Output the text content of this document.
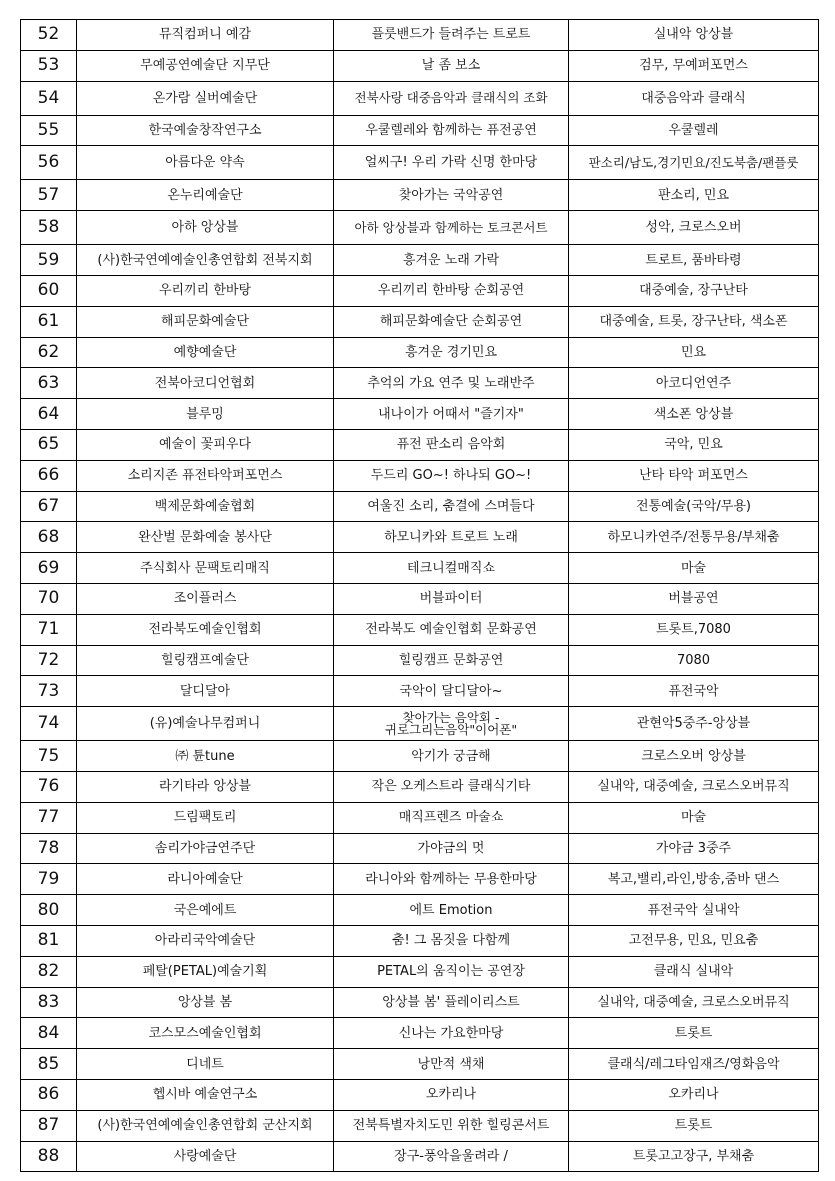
52	뮤직컴퍼니 예감	플룻밴드가 들려주는 트로트	실내악 앙상블
53	무예공연예술단 지무단	날 좀 보소	검무, 무예퍼포먼스
54	온가람 실버예술단	전북사랑 대중음악과 클래식의 조화	대중음악과 클래식
55	한국예술창작연구소	우쿨렐레와 함께하는 퓨전공연	우쿨렐레
56	아름다운 약속	얼씨구! 우리 가락 신명 한마당	판소리/남도,경기민요/진도북춤/팬플룻
57	온누리예술단	찾아가는 국악공연	판소리, 민요
58	아하 앙상블	아하 앙상블과 함께하는 토크콘서트	성악, 크로스오버
59	(사)한국연예예술인총연합회 전북지회	흥겨운 노래 가락	트로트, 품바타령
60	우리끼리 한바탕	우리끼리 한바탕 순회공연	대중예술, 장구난타
61	해피문화예술단	해피문화예술단 순회공연	대중예술, 트롯, 장구난타, 색소폰
62	예향예술단	흥겨운 경기민요	민요
63	전북아코디언협회	추억의 가요 연주 및 노래반주	아코디언연주
64	블루밍	내나이가 어때서 "즐기자"	색소폰 앙상블
65	예술이 꽃피우다	퓨전 판소리 음악회	국악, 민요
66	소리지존 퓨전타악퍼포먼스	두드리 GO~! 하나되 GO~!	난타 타악 퍼포먼스
67	백제문화예술협회	여울진 소리, 춤결에 스며들다	전통예술(국악/무용)
68	완산벌 문화예술 봉사단	하모니카와 트로트 노래	하모니카연주/전통무용/부채춤
69	주식회사 문팩토리매직	테크니컬매직쇼	마술
70	조이플러스	버블파이터	버블공연
71	전라북도예술인협회	전라북도 예술인협회 문화공연	트롯트,7080
72	힐링캠프예술단	힐링캠프 문화공연	7080
73	달디달아	국악이 달디달아~	퓨전국악
74	(유)예술나무컴퍼니	찾아가는 음악회 - 귀로그리는음악"이어폰"	관현악5중주-앙상블
75	㈜ 튠tune	악기가 궁금해	크로스오버 앙상블
76	라기타라 앙상블	작은 오케스트라 클래식기타	실내악, 대중예술, 크로스오버뮤직
77	드림팩토리	매직프렌즈 마술쇼	마술
78	솜리가야금연주단	가야금의 멋	가야금 3중주
79	라니아예술단	라니아와 함께하는 무용한마당	복고,밸리,라인,방송,줌바 댄스
80	국은예에트	에트 Emotion	퓨전국악 실내악
81	아라리국악예술단	춤! 그 몸짓을 다함께	고전무용, 민요, 민요춤
82	페탈(PETAL)예술기획	PETAL의 움직이는 공연장	클래식 실내악
83	앙상블 봄	앙상블 봄' 플레이리스트	실내악, 대중예술, 크로스오버뮤직
84	코스모스예술인협회	신나는 가요한마당	트롯트
85	디네트	낭만적 색채	클래식/레그타임재즈/영화음악
86	헵시바 예술연구소	오카리나	오카리나
87	(사)한국연예예술인총연합회 군산지회	전북특별자치도민 위한 힐링콘서트	트롯트
88	사랑예술단	장구-풍악을울려라 /	트롯고고장구, 부채춤
